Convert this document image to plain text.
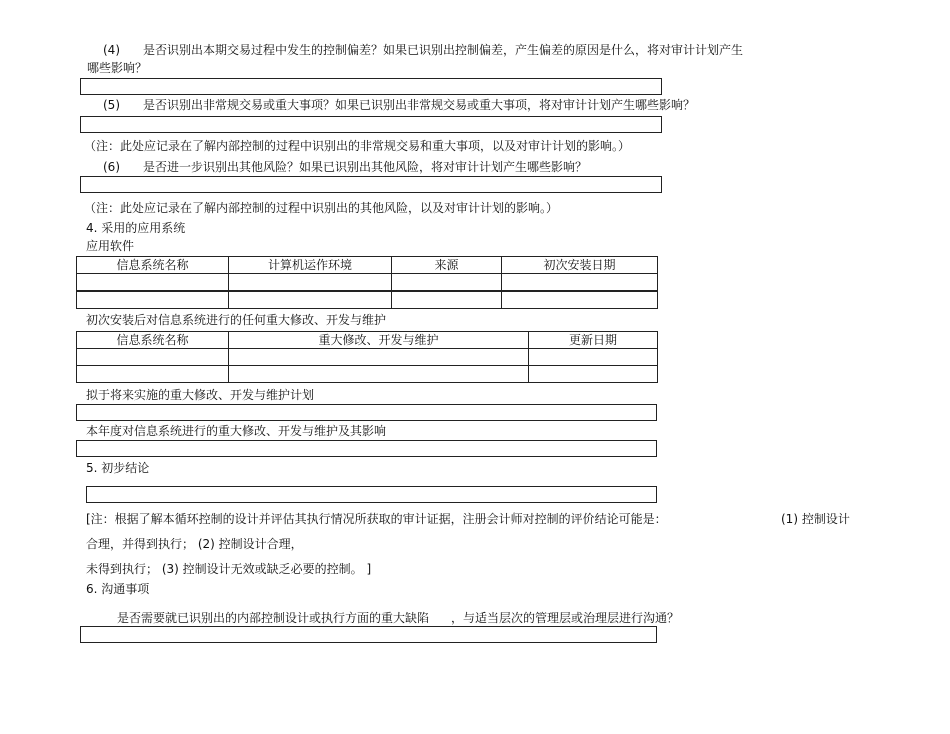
(4) 是否识别出本期交易过程中发生的控制偏差？如果已识别出控制偏差，产生偏差的原因是什么，将对审计计划产生
哪些影响？
(5) 是否识别出非常规交易或重大事项？如果已识别出非常规交易或重大事项，将对审计计划产生哪些影响？
（注：此处应记录在了解内部控制的过程中识别出的非常规交易和重大事项，以及对审计计划的影响。）
(6) 是否进一步识别出其他风险？如果已识别出其他风险，将对审计计划产生哪些影响？
（注：此处应记录在了解内部控制的过程中识别出的其他风险，以及对审计计划的影响。）
4. 采用的应用系统
应用软件
信息系统名称	计算机运作环境	来源	初次安装日期

初次安装后对信息系统进行的任何重大修改、开发与维护
信息系统名称	重大修改、开发与维护	更新日期

拟于将来实施的重大修改、开发与维护计划
本年度对信息系统进行的重大修改、开发与维护及其影响
5. 初步结论
[注：根据了解本循环控制的设计并评估其执行情况所获取的审计证据，注册会计师对控制的评价结论可能是：	(1) 控制设计
合理，并得到执行； (2) 控制设计合理，
未得到执行； (3) 控制设计无效或缺乏必要的控制。 ]
6. 沟通事项
是否需要就已识别出的内部控制设计或执行方面的重大缺陷 ，与适当层次的管理层或治理层进行沟通？
